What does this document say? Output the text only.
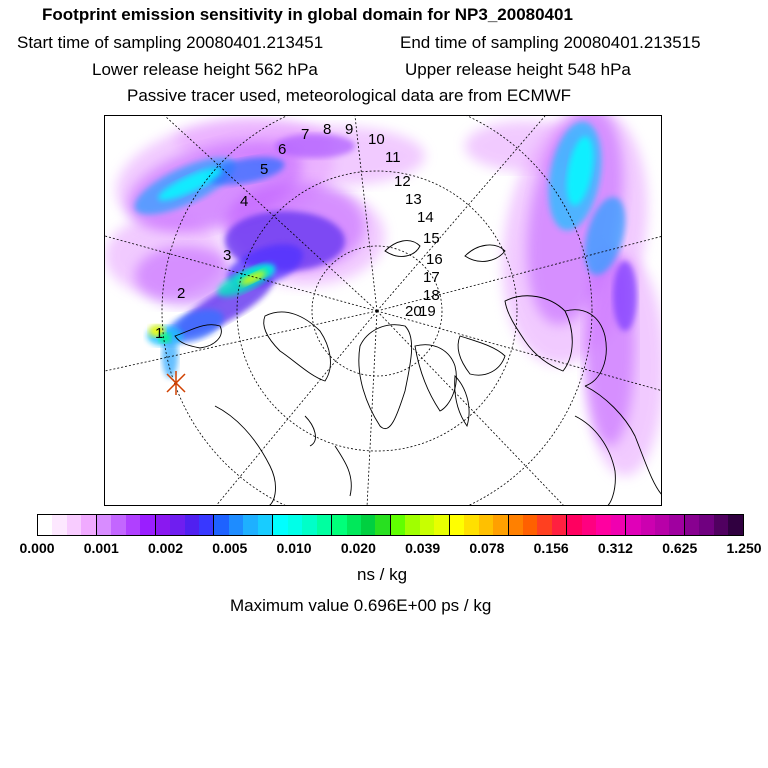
Footprint emission sensitivity in global domain for NP3_20080401
Start time of sampling 20080401.213451	End time of sampling 20080401.213515
Lower release height 562 hPa	Upper release height 548 hPa
Passive tracer used, meteorological data are from ECMWF
1
2
3
4
5
6
7 8 9
10
11
12
13
14
15
16
17
18
19
20
0.000 0.001 0.002 0.005 0.010 0.020 0.039 0.078 0.156 0.312 0.625 1.250
ns / kg
Maximum value 0.696E+00 ps / kg
